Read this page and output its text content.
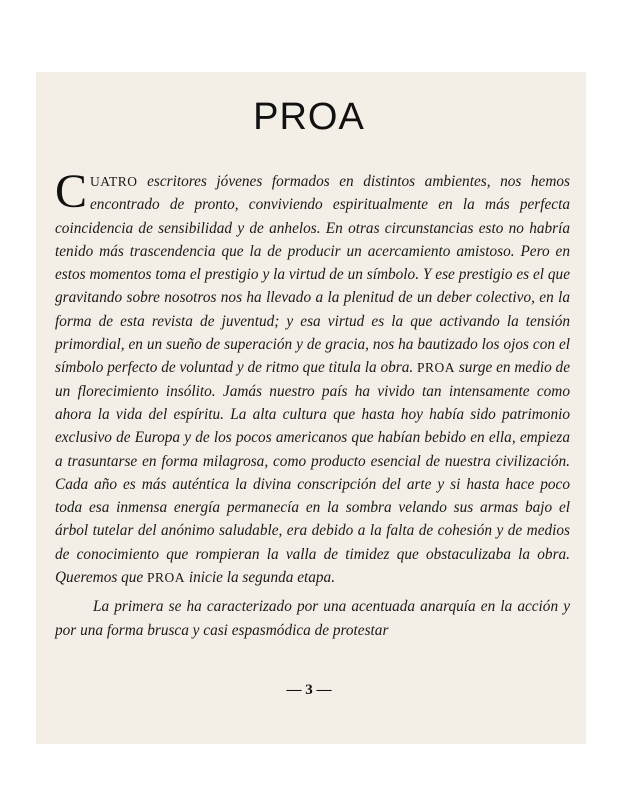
PROA

CUATRO escritores jóvenes formados en distintos ambientes, nos hemos encontrado de pronto, conviviendo espiritualmente en la más perfecta coincidencia de sensibilidad y de anhelos. En otras circunstancias esto no habría tenido más trascendencia que la de producir un acercamiento amistoso. Pero en estos momentos toma el prestigio y la virtud de un símbolo. Y ese prestigio es el que gravitando sobre nosotros nos ha llevado a la plenitud de un deber colectivo, en la forma de esta revista de juventud; y esa virtud es la que activando la tensión primordial, en un sueño de superación y de gracia, nos ha bautizado los ojos con el símbolo perfecto de voluntad y de ritmo que titula la obra. PROA surge en medio de un florecimiento insólito. Jamás nuestro país ha vivido tan intensamente como ahora la vida del espíritu. La alta cultura que hasta hoy había sido patrimonio exclusivo de Europa y de los pocos americanos que habían bebido en ella, empieza a trasuntarse en forma milagrosa, como producto esencial de nuestra civilización. Cada año es más auténtica la divina conscripción del arte y si hasta hace poco toda esa inmensa energía permanecía en la sombra velando sus armas bajo el árbol tutelar del anónimo saludable, era debido a la falta de cohesión y de medios de conocimiento que rompieran la valla de timidez que obstaculizaba la obra. Queremos que PROA inicie la segunda etapa.

La primera se ha caracterizado por una acentuada anarquía en la acción y por una forma brusca y casi espasmódica de protestar

— 3 —
